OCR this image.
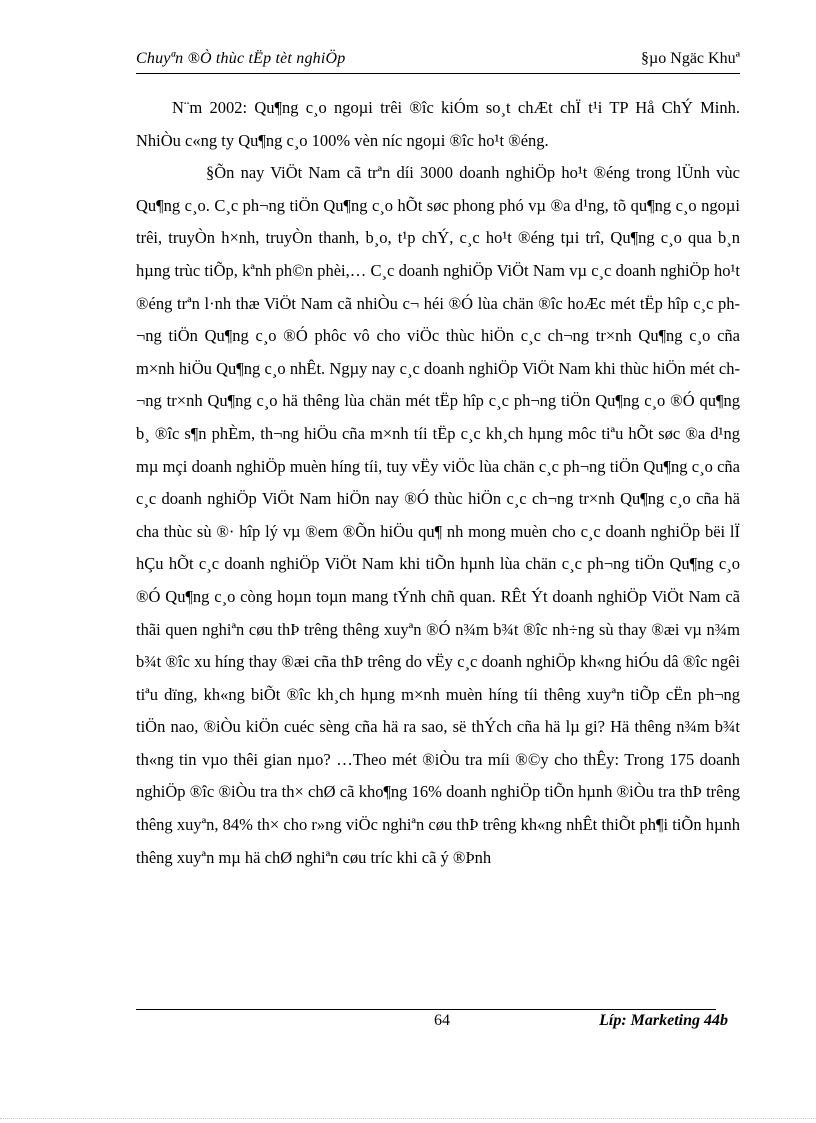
Chuyªn ®Ò thùc tËp tèt nghiÖp	§µo Ngäc Khuª

N¨m 2002: Qu¶ng c¸o ngoµi trêi ®îc kiÓm so¸t chÆt chÏ t¹i TP Hå ChÝ Minh. NhiÒu c«ng ty Qu¶ng c¸o 100% vèn níc ngoµi ®îc ho¹t ®éng.

§Õn nay ViÖt Nam cã trªn díi 3000 doanh nghiÖp ho¹t ®éng trong lÜnh vùc Qu¶ng c¸o. C¸c ph¬ng tiÖn Qu¶ng c¸o hÕt søc phong phó vµ ®a d¹ng, tõ qu¶ng c¸o ngoµi trêi, truyÒn h×nh, truyÒn thanh, b¸o, t¹p chÝ, c¸c ho¹t ®éng tµi trî, Qu¶ng c¸o qua b¸n hµng trùc tiÕp, kªnh ph©n phèi,… C¸c doanh nghiÖp ViÖt Nam vµ c¸c doanh nghiÖp ho¹t ®éng trªn l·nh thæ ViÖt Nam cã nhiÒu c¬ héi ®Ó lùa chän ®îc hoÆc mét tËp hîp c¸c ph¬ng tiÖn Qu¶ng c¸o ®Ó phôc vô cho viÖc thùc hiÖn c¸c ch¬ng tr×nh Qu¶ng c¸o cña m×nh hiÖu Qu¶ng c¸o nhÊt. Ngµy nay c¸c doanh nghiÖp ViÖt Nam khi thùc hiÖn mét ch¬ng tr×nh Qu¶ng c¸o hä thêng lùa chän mét tËp hîp c¸c ph¬ng tiÖn Qu¶ng c¸o ®Ó qu¶ng b¸ ®îc s¶n phÈm, th¬ng hiÖu cña m×nh tíi tËp c¸c kh¸ch hµng môc tiªu hÕt søc ®a d¹ng mµ mçi doanh nghiÖp muèn híng tíi, tuy vËy viÖc lùa chän c¸c ph¬ng tiÖn Qu¶ng c¸o cña c¸c doanh nghiÖp ViÖt Nam hiÖn nay ®Ó thùc hiÖn c¸c ch¬ng tr×nh Qu¶ng c¸o cña hä cha thùc sù ®· hîp lý vµ ®em ®Õn hiÖu qu¶ nh mong muèn cho c¸c doanh nghiÖp bëi lÏ hÇu hÕt c¸c doanh nghiÖp ViÖt Nam khi tiÕn hµnh lùa chän c¸c ph¬ng tiÖn Qu¶ng c¸o ®Ó Qu¶ng c¸o còng hoµn toµn mang tÝnh chñ quan. RÊt Ýt doanh nghiÖp ViÖt Nam cã thãi quen nghiªn cøu thÞ trêng thêng xuyªn ®Ó n¾m b¾t ®îc nh÷ng sù thay ®æi vµ n¾m b¾t ®îc xu híng thay ®æi cña thÞ trêng do vËy c¸c doanh nghiÖp kh«ng hiÓu dâ ®îc ngêi tiªu dïng, kh«ng biÕt ®îc kh¸ch hµng m×nh muèn híng tíi thêng xuyªn tiÕp cËn ph¬ng tiÖn nao, ®iÒu kiÖn cuéc sèng cña hä ra sao, së thÝch cña hä lµ gi? Hä thêng n¾m b¾t th«ng tin vµo thêi gian nµo? …Theo mét ®iÒu tra míi ®©y cho thÊy: Trong 175 doanh nghiÖp ®îc ®iÒu tra th× chØ cã kho¶ng 16% doanh nghiÖp tiÕn hµnh ®iÒu tra thÞ trêng thêng xuyªn, 84% th× cho r»ng viÖc nghiªn cøu thÞ trêng kh«ng nhÊt thiÕt ph¶i tiÕn hµnh thêng xuyªn mµ hä chØ nghiªn cøu tríc khi cã ý ®Þnh

64	Líp: Marketing 44b
